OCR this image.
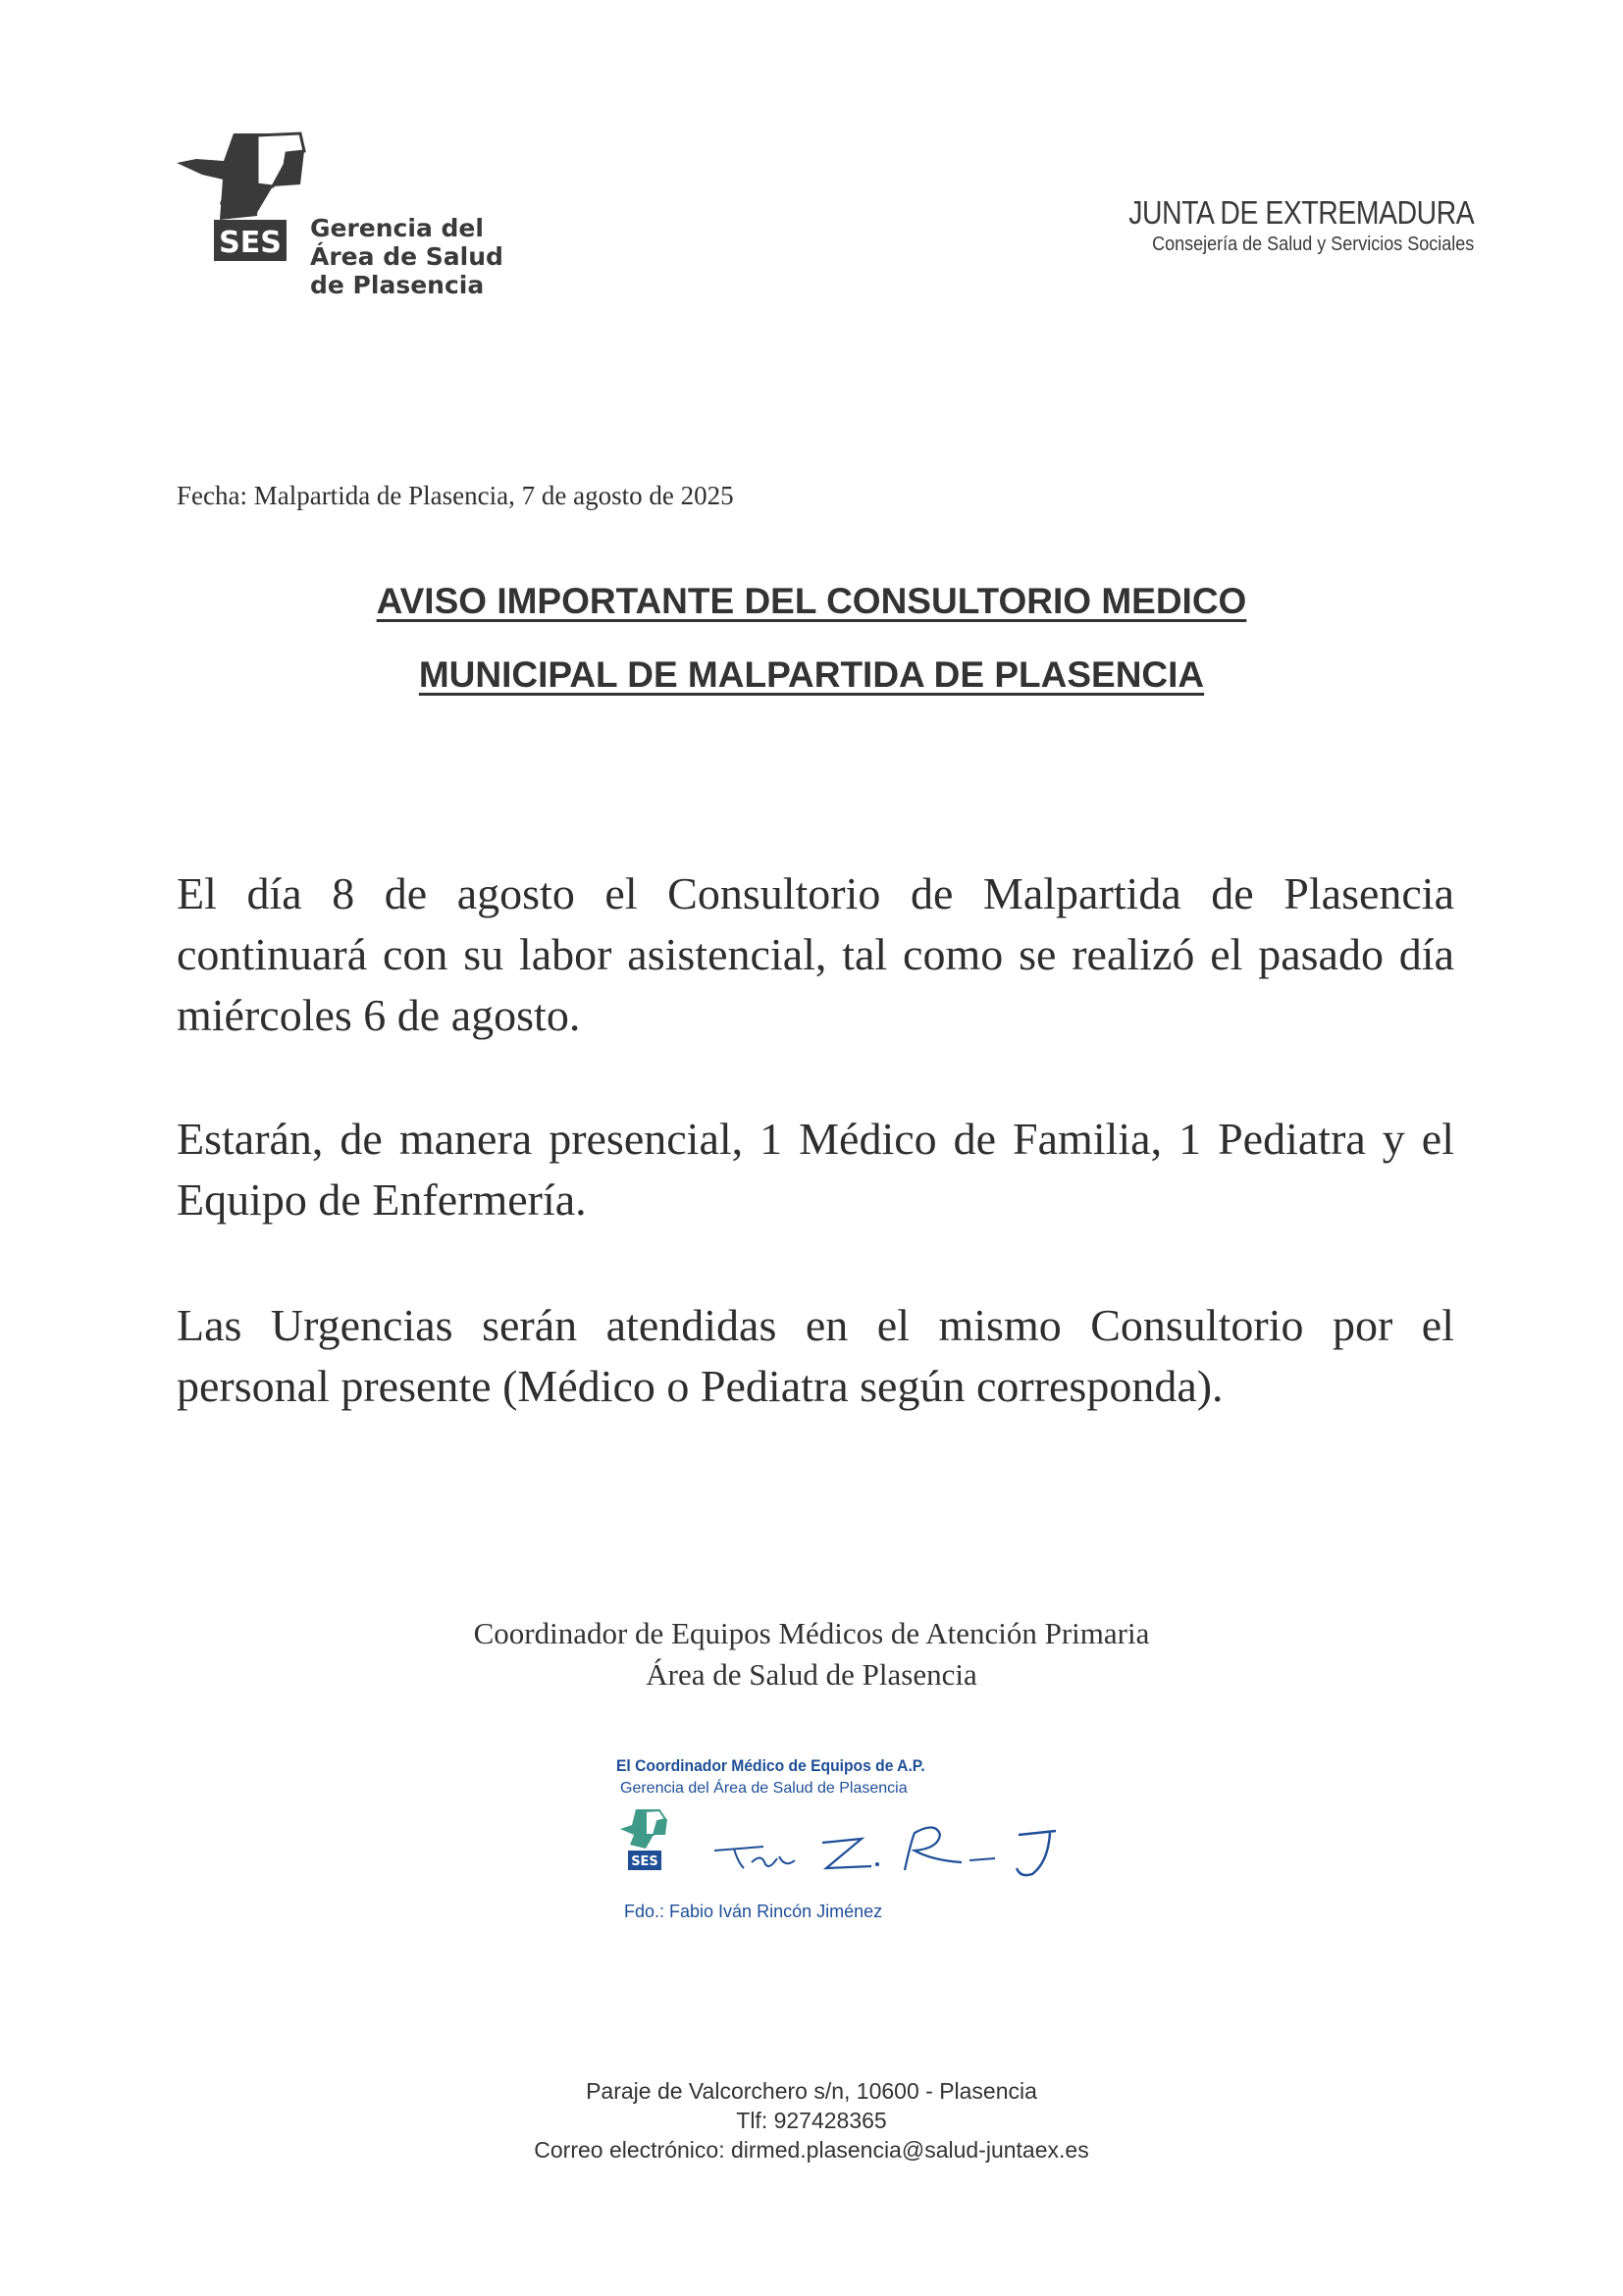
SES Gerencia del
Área de Salud
de Plasencia
JUNTA DE EXTREMADURA
Consejería de Salud y Servicios Sociales
Fecha: Malpartida de Plasencia, 7 de agosto de 2025
AVISO IMPORTANTE DEL CONSULTORIO MEDICO
MUNICIPAL DE MALPARTIDA DE PLASENCIA
El día 8 de agosto el Consultorio de Malpartida de Plasencia continuará con su labor asistencial, tal como se realizó el pasado día miércoles 6 de agosto.
Estarán, de manera presencial, 1 Médico de Familia, 1 Pediatra y el Equipo de Enfermería.
Las Urgencias serán atendidas en el mismo Consultorio por el personal presente (Médico o Pediatra según corresponda).
Coordinador de Equipos Médicos de Atención Primaria
Área de Salud de Plasencia
El Coordinador Médico de Equipos de A.P.
Gerencia del Área de Salud de Plasencia
SES
Fdo.: Fabio Iván Rincón Jiménez
Paraje de Valcorchero s/n, 10600 - Plasencia
Tlf: 927428365
Correo electrónico: dirmed.plasencia@salud-juntaex.es
